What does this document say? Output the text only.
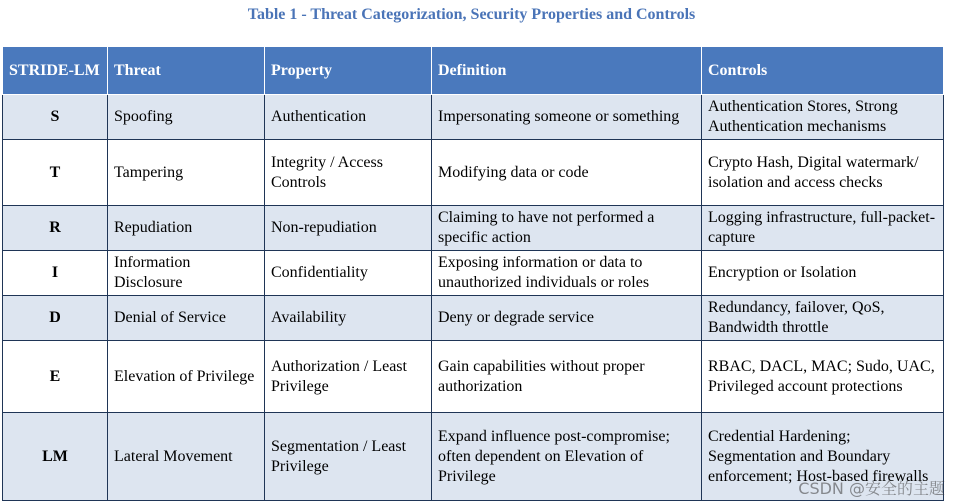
Table 1 - Threat Categorization, Security Properties and Controls
STRIDE-LM	Threat	Property	Definition	Controls
S	Spoofing	Authentication	Impersonating someone or something	Authentication Stores, Strong Authentication mechanisms
T	Tampering	Integrity / Access Controls	Modifying data or code	Crypto Hash, Digital watermark/ isolation and access checks
R	Repudiation	Non-repudiation	Claiming to have not performed a specific action	Logging infrastructure, full-packet-capture
I	Information Disclosure	Confidentiality	Exposing information or data to unauthorized individuals or roles	Encryption or Isolation
D	Denial of Service	Availability	Deny or degrade service	Redundancy, failover, QoS, Bandwidth throttle
E	Elevation of Privilege	Authorization / Least Privilege	Gain capabilities without proper authorization	RBAC, DACL, MAC; Sudo, UAC, Privileged account protections
LM	Lateral Movement	Segmentation / Least Privilege	Expand influence post-compromise; often dependent on Elevation of Privilege	Credential Hardening; Segmentation and Boundary enforcement; Host-based firewalls
CSDN @安全的主题
